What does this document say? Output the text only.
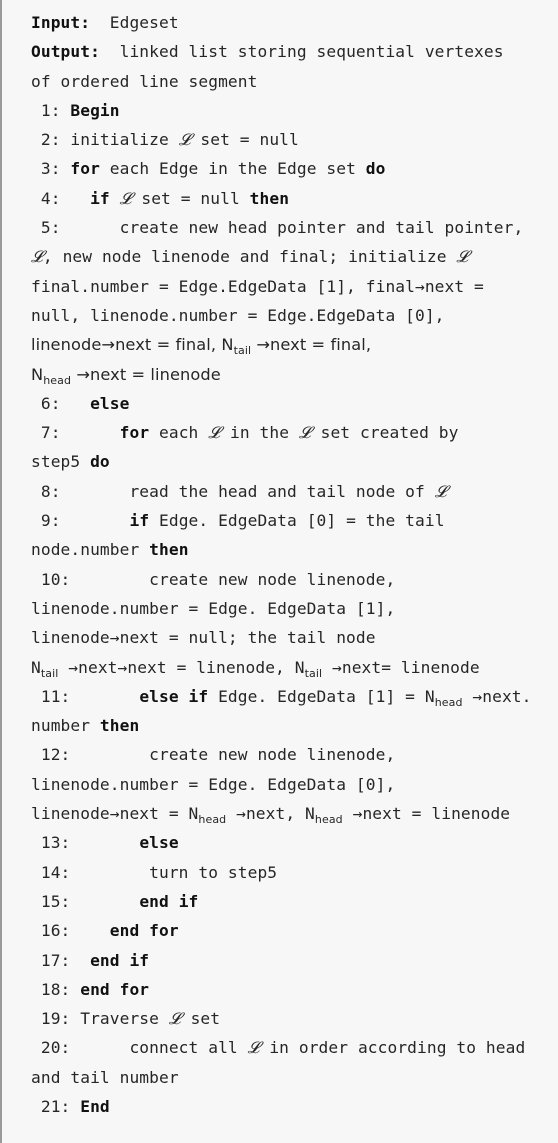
Input:  Edgeset
Output:  linked list storing sequential vertexes
of ordered line segment
1: Begin
2: initialize 𝓛 set = null
3: for each Edge in the Edge set do
4:   if 𝓛 set = null then
5:      create new head pointer and tail pointer,
𝓛, new node linenode and final; initialize 𝓛
final.number = Edge.EdgeData [1], final→next =
null, linenode.number = Edge.EdgeData [0],
linenode→next = final, $N_{tail}$ →next = final,
$N_{head}$ →next = linenode
6:   else
7:      for each 𝓛 in the 𝓛 set created by
step5 do
8:       read the head and tail node of 𝓛
9:       if Edge. EdgeData [0] = the tail
node.number then
10:        create new node linenode,
linenode.number = Edge. EdgeData [1],
linenode→next = null; the tail node
$N_{tail}$ →next→next = linenode, $N_{tail}$ →next= linenode
11:       else if Edge. EdgeData $[1] = N_{head}$ →next.
number then
12:        create new node linenode,
linenode.number = Edge. EdgeData [0],
linenode→next = $N_{head}$ →next, $N_{head}$ →next = linenode
13:       else
14:        turn to step5
15:       end if
16:    end for
17:  end if
18: end for
19: Traverse 𝓛 set
20:      connect all 𝓛 in order according to head
and tail number
21: End
